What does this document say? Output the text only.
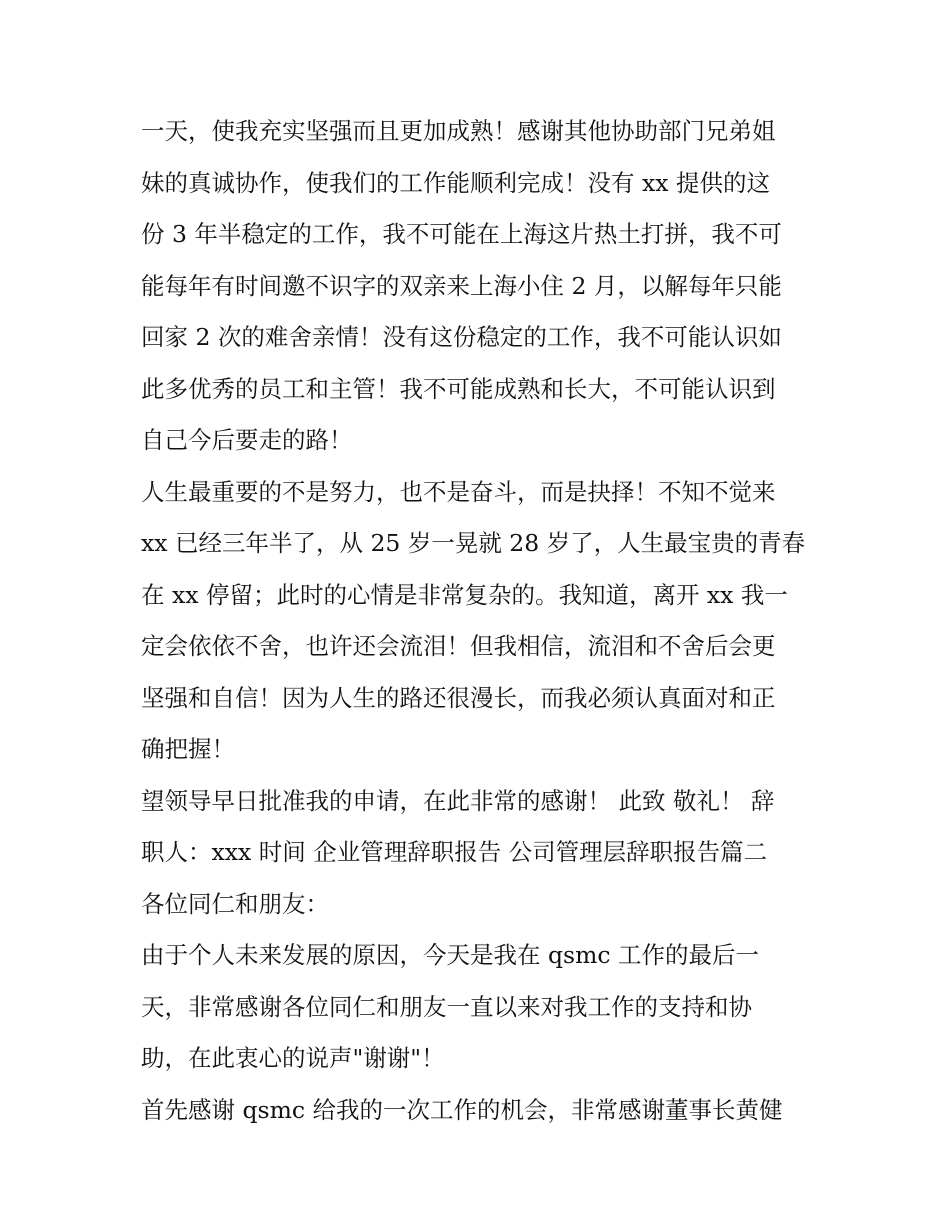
一天，使我充实坚强而且更加成熟！感谢其他协助部门兄弟姐
妹的真诚协作，使我们的工作能顺利完成！没有 xx 提供的这
份 3 年半稳定的工作，我不可能在上海这片热土打拼，我不可
能每年有时间邀不识字的双亲来上海小住 2 月，以解每年只能
回家 2 次的难舍亲情！没有这份稳定的工作，我不可能认识如
此多优秀的员工和主管！我不可能成熟和长大，不可能认识到
自己今后要走的路！
人生最重要的不是努力，也不是奋斗，而是抉择！不知不觉来
xx 已经三年半了，从 25 岁一晃就 28 岁了，人生最宝贵的青春
在 xx 停留；此时的心情是非常复杂的。我知道，离开 xx 我一
定会依依不舍，也许还会流泪！但我相信，流泪和不舍后会更
坚强和自信！因为人生的路还很漫长，而我必须认真面对和正
确把握！
望领导早日批准我的申请，在此非常的感谢！ 此致 敬礼！ 辞
职人：xxx 时间 企业管理辞职报告 公司管理层辞职报告篇二
各位同仁和朋友：
由于个人未来发展的原因，今天是我在 qsmc 工作的最后一
天，非常感谢各位同仁和朋友一直以来对我工作的支持和协
助，在此衷心的说声"谢谢"！
首先感谢 qsmc 给我的一次工作的机会，非常感谢董事长黄健
